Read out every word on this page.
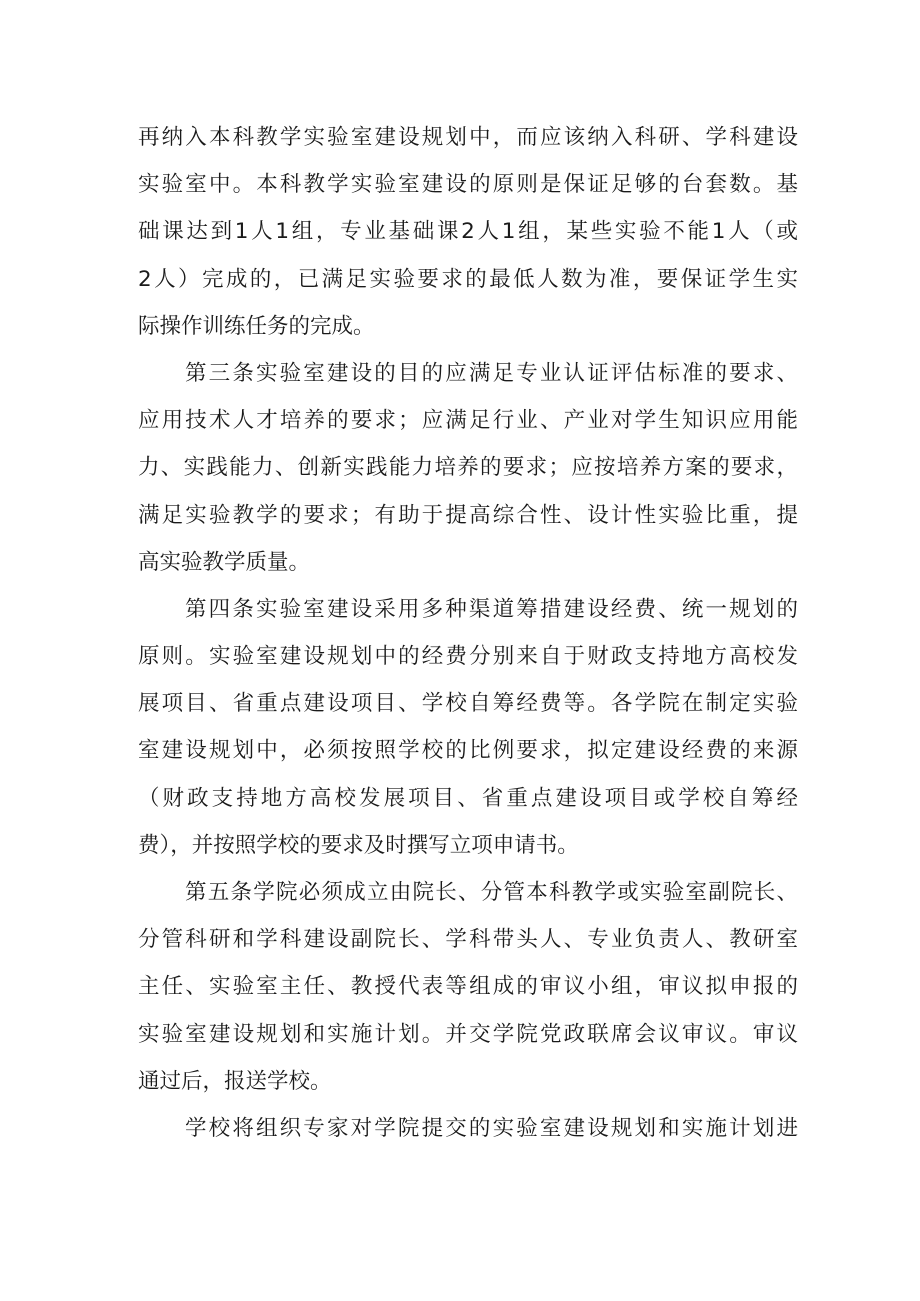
再纳入本科教学实验室建设规划中，而应该纳入科研、学科建设
实验室中。本科教学实验室建设的原则是保证足够的台套数。基
础课达到1人1组，专业基础课2人1组，某些实验不能1人（或
2人）完成的，已满足实验要求的最低人数为准，要保证学生实
际操作训练任务的完成。
第三条实验室建设的目的应满足专业认证评估标准的要求、
应用技术人才培养的要求；应满足行业、产业对学生知识应用能
力、实践能力、创新实践能力培养的要求；应按培养方案的要求，
满足实验教学的要求；有助于提高综合性、设计性实验比重，提
高实验教学质量。
第四条实验室建设采用多种渠道筹措建设经费、统一规划的
原则。实验室建设规划中的经费分别来自于财政支持地方高校发
展项目、省重点建设项目、学校自筹经费等。各学院在制定实验
室建设规划中，必须按照学校的比例要求，拟定建设经费的来源
（财政支持地方高校发展项目、省重点建设项目或学校自筹经
费），并按照学校的要求及时撰写立项申请书。
第五条学院必须成立由院长、分管本科教学或实验室副院长、
分管科研和学科建设副院长、学科带头人、专业负责人、教研室
主任、实验室主任、教授代表等组成的审议小组，审议拟申报的
实验室建设规划和实施计划。并交学院党政联席会议审议。审议
通过后，报送学校。
学校将组织专家对学院提交的实验室建设规划和实施计划进
